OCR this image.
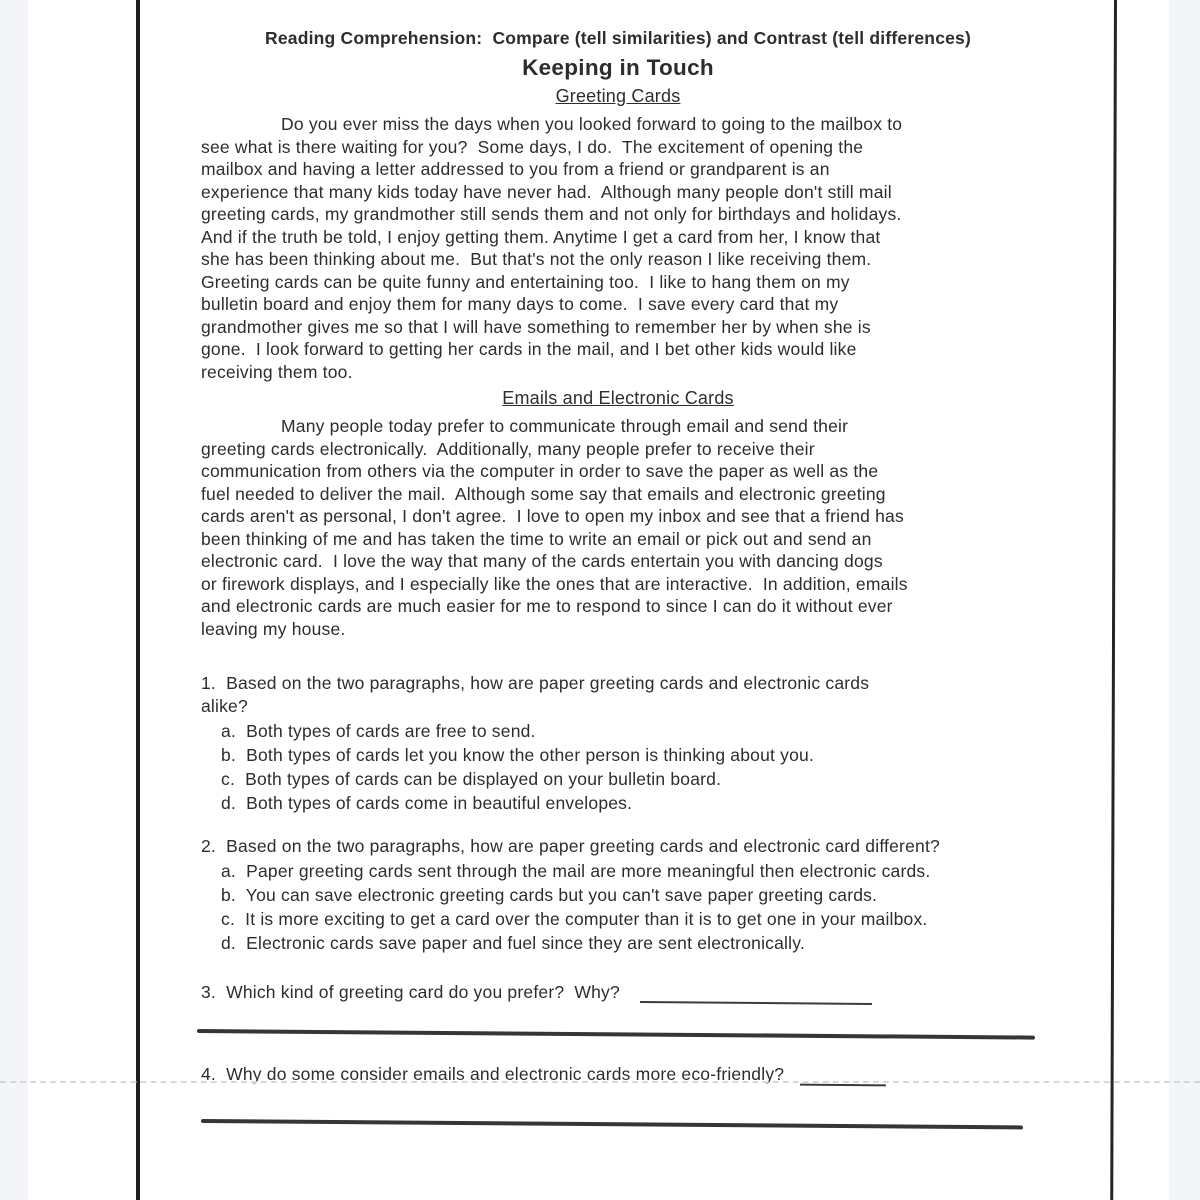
Reading Comprehension:  Compare (tell similarities) and Contrast (tell differences)
Keeping in Touch
Greeting Cards
Do you ever miss the days when you looked forward to going to the mailbox to
see what is there waiting for you?  Some days, I do.  The excitement of opening the
mailbox and having a letter addressed to you from a friend or grandparent is an
experience that many kids today have never had.  Although many people don't still mail
greeting cards, my grandmother still sends them and not only for birthdays and holidays.
And if the truth be told, I enjoy getting them. Anytime I get a card from her, I know that
she has been thinking about me.  But that's not the only reason I like receiving them.
Greeting cards can be quite funny and entertaining too.  I like to hang them on my
bulletin board and enjoy them for many days to come.  I save every card that my
grandmother gives me so that I will have something to remember her by when she is
gone.  I look forward to getting her cards in the mail, and I bet other kids would like
receiving them too.
Emails and Electronic Cards
Many people today prefer to communicate through email and send their
greeting cards electronically.  Additionally, many people prefer to receive their
communication from others via the computer in order to save the paper as well as the
fuel needed to deliver the mail.  Although some say that emails and electronic greeting
cards aren't as personal, I don't agree.  I love to open my inbox and see that a friend has
been thinking of me and has taken the time to write an email or pick out and send an
electronic card.  I love the way that many of the cards entertain you with dancing dogs
or firework displays, and I especially like the ones that are interactive.  In addition, emails
and electronic cards are much easier for me to respond to since I can do it without ever
leaving my house.
1.  Based on the two paragraphs, how are paper greeting cards and electronic cards
alike?
a.  Both types of cards are free to send.
b.  Both types of cards let you know the other person is thinking about you.
c.  Both types of cards can be displayed on your bulletin board.
d.  Both types of cards come in beautiful envelopes.
2.  Based on the two paragraphs, how are paper greeting cards and electronic card different?
a.  Paper greeting cards sent through the mail are more meaningful then electronic cards.
b.  You can save electronic greeting cards but you can't save paper greeting cards.
c.  It is more exciting to get a card over the computer than it is to get one in your mailbox.
d.  Electronic cards save paper and fuel since they are sent electronically.
3.  Which kind of greeting card do you prefer?  Why?
4.  Why do some consider emails and electronic cards more eco-friendly?
